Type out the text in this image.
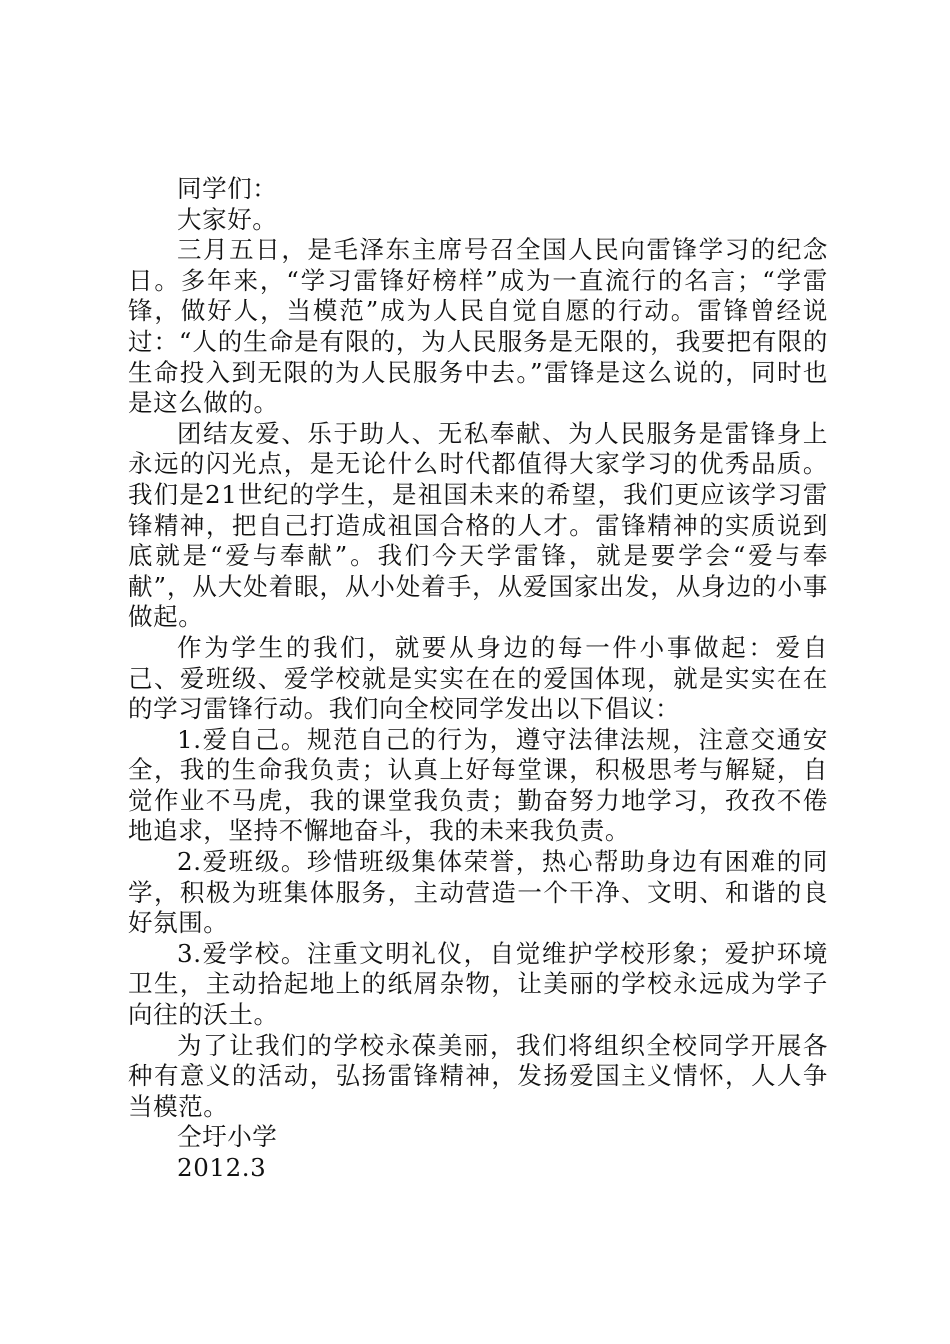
同学们：

大家好。

三月五日，是毛泽东主席号召全国人民向雷锋学习的纪念日。多年来，“学习雷锋好榜样”成为一直流行的名言；“学雷锋，做好人，当模范”成为人民自觉自愿的行动。雷锋曾经说过：“人的生命是有限的，为人民服务是无限的，我要把有限的生命投入到无限的为人民服务中去。”雷锋是这么说的，同时也是这么做的。

团结友爱、乐于助人、无私奉献、为人民服务是雷锋身上永远的闪光点，是无论什么时代都值得大家学习的优秀品质。我们是21世纪的学生，是祖国未来的希望，我们更应该学习雷锋精神，把自己打造成祖国合格的人才。雷锋精神的实质说到底就是“爱与奉献”。我们今天学雷锋，就是要学会“爱与奉献”，从大处着眼，从小处着手，从爱国家出发，从身边的小事做起。

作为学生的我们，就要从身边的每一件小事做起：爱自己、爱班级、爱学校就是实实在在的爱国体现，就是实实在在的学习雷锋行动。我们向全校同学发出以下倡议：

1.爱自己。规范自己的行为，遵守法律法规，注意交通安全，我的生命我负责；认真上好每堂课，积极思考与解疑，自觉作业不马虎，我的课堂我负责；勤奋努力地学习，孜孜不倦地追求，坚持不懈地奋斗，我的未来我负责。

2.爱班级。珍惜班级集体荣誉，热心帮助身边有困难的同学，积极为班集体服务，主动营造一个干净、文明、和谐的良好氛围。

3.爱学校。注重文明礼仪，自觉维护学校形象；爱护环境卫生，主动拾起地上的纸屑杂物，让美丽的学校永远成为学子向往的沃土。

为了让我们的学校永葆美丽，我们将组织全校同学开展各种有意义的活动，弘扬雷锋精神，发扬爱国主义情怀，人人争当模范。

仝圩小学

2012.3
